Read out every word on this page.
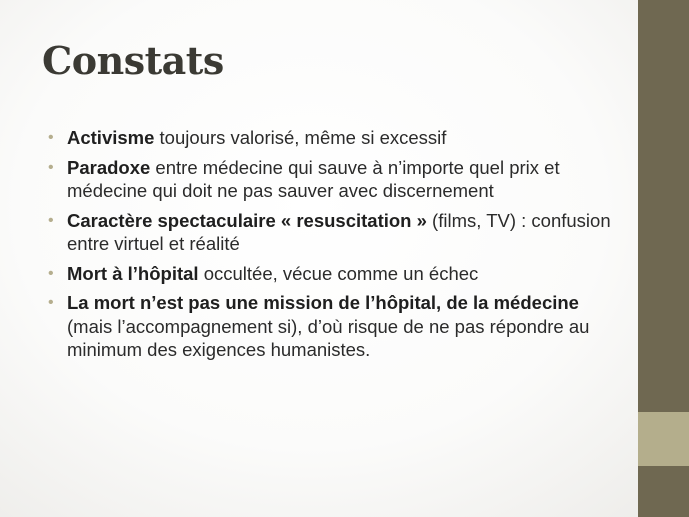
Constats
• Activisme toujours valorisé, même si excessif
• Paradoxe entre médecine qui sauve à n’importe quel prix et médecine qui doit ne pas sauver avec discernement
• Caractère spectaculaire « resuscitation » (films, TV) : confusion entre virtuel et réalité
• Mort à l’hôpital occultée, vécue comme un échec
• La mort n’est pas une mission de l’hôpital, de la médecine (mais l’accompagnement si), d’où risque de ne pas répondre au minimum des exigences humanistes.
